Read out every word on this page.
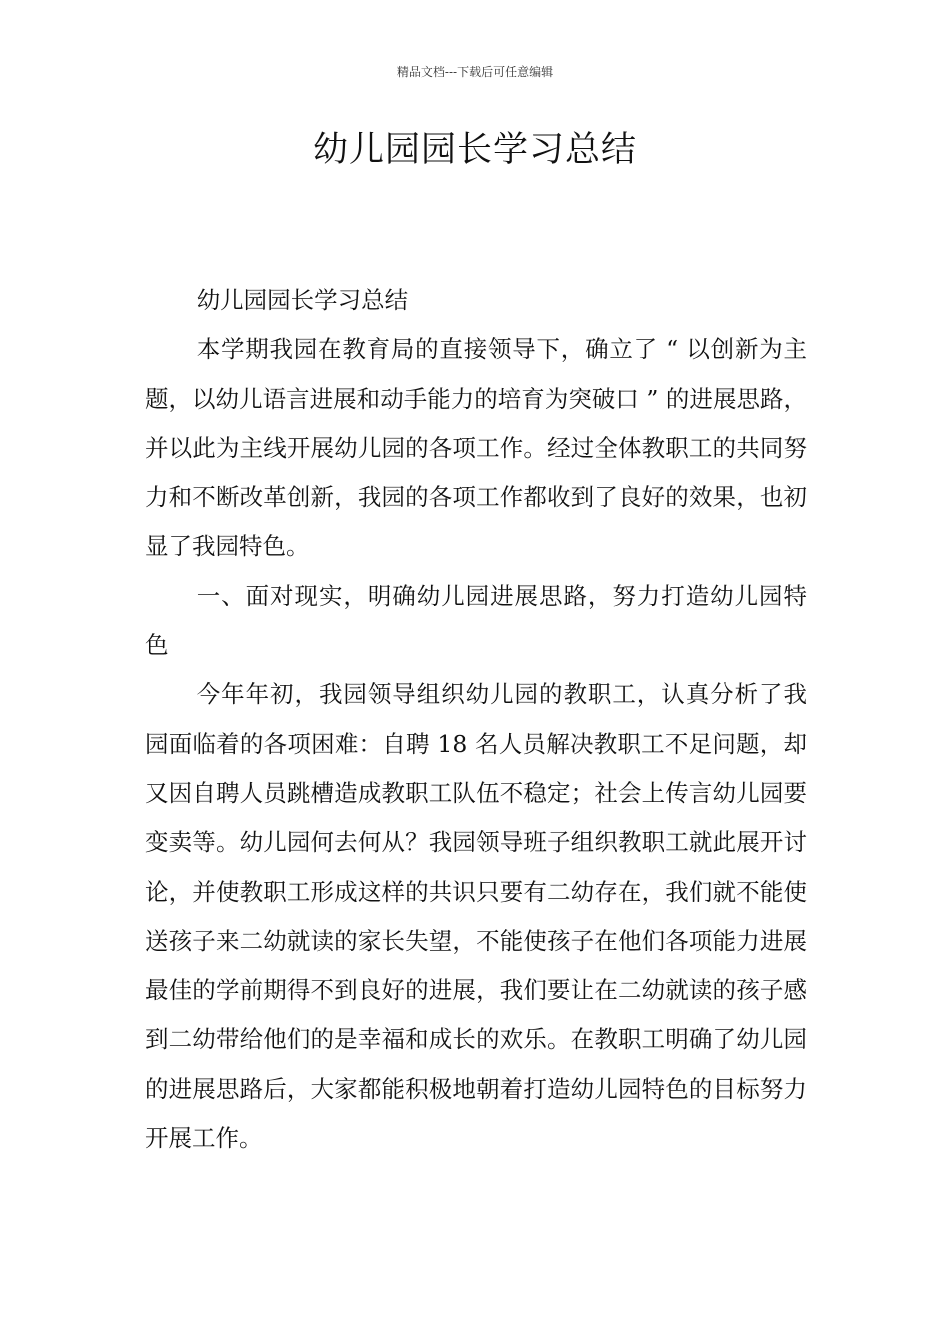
精品文档---下载后可任意编辑
幼儿园园长学习总结

幼儿园园长学习总结

本学期我园在教育局的直接领导下，确立了 “ 以创新为主题，以幼儿语言进展和动手能力的培育为突破口 ” 的进展思路，并以此为主线开展幼儿园的各项工作。经过全体教职工的共同努力和不断改革创新，我园的各项工作都收到了良好的效果，也初显了我园特色。

一、面对现实，明确幼儿园进展思路，努力打造幼儿园特色

今年年初，我园领导组织幼儿园的教职工，认真分析了我园面临着的各项困难：自聘 18 名人员解决教职工不足问题，却又因自聘人员跳槽造成教职工队伍不稳定；社会上传言幼儿园要变卖等。幼儿园何去何从？我园领导班子组织教职工就此展开讨论，并使教职工形成这样的共识只要有二幼存在，我们就不能使送孩子来二幼就读的家长失望，不能使孩子在他们各项能力进展最佳的学前期得不到良好的进展，我们要让在二幼就读的孩子感到二幼带给他们的是幸福和成长的欢乐。在教职工明确了幼儿园的进展思路后，大家都能积极地朝着打造幼儿园特色的目标努力开展工作。
